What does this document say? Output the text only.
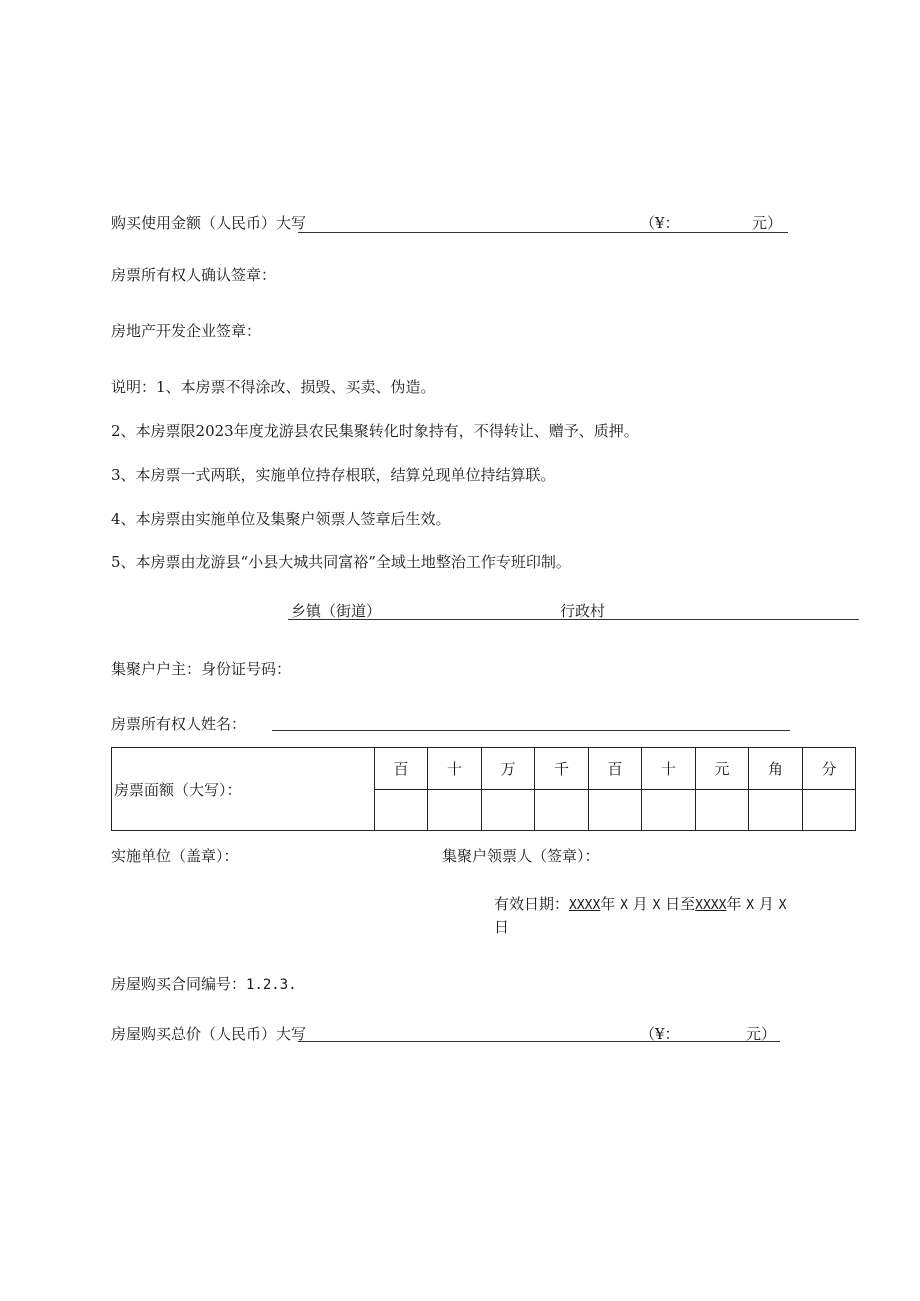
购买使用金额（人民币）大写	（¥：	元）
房票所有权人确认签章：
房地产开发企业签章：
说明：1、本房票不得涂改、损毁、买卖、伪造。
2、本房票限2023年度龙游县农民集聚转化时象持有，不得转让、赠予、质押。
3、本房票一式两联，实施单位持存根联，结算兑现单位持结算联。
4、本房票由实施单位及集聚户领票人签章后生效。
5、本房票由龙游县“小县大城共同富裕”全域土地整治工作专班印制。
乡镇（街道）	行政村
集聚户户主：身份证号码：
房票所有权人姓名：
房票面额（大写）：	百	十	万	千	百	十	元	角	分

实施单位（盖章）：	集聚户领票人（签章）：
有效日期：XXXX年 X 月 X 日至XXXX年 X 月 X
日
房屋购买合同编号：1.2.3.
房屋购买总价（人民币）大写	（¥：	元）
